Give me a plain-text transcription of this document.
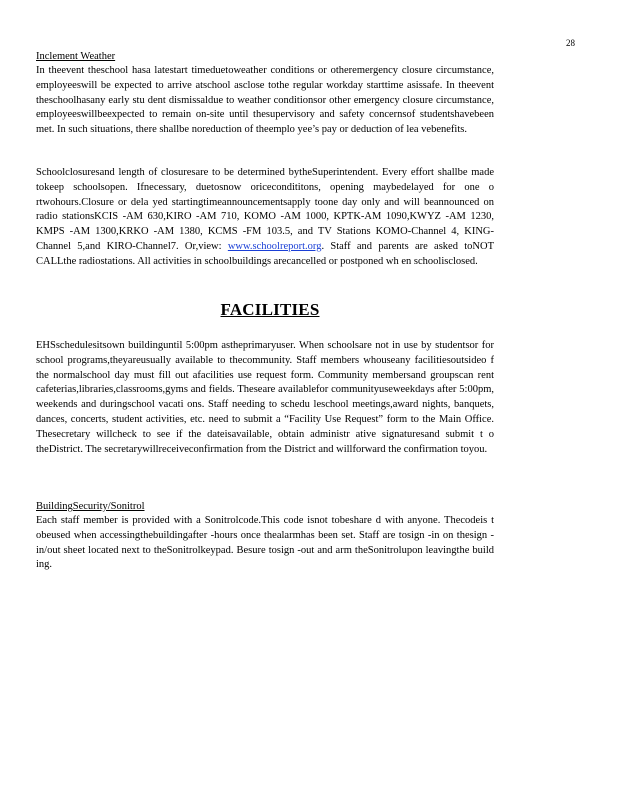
28
Inclement Weather
In theevent theschool hasa latestart timeduetoweather conditions or otheremergency closure circumstance, employeeswill be expected to arrive atschool asclose tothe regular workday starttime asissafe. In theevent theschoolhasany early stu dent dismissaldue to weather conditionsor other emergency closure circumstance, employeeswillbeexpected to remain on-site until thesupervisory and safety concernsof studentshavebeen met. In such situations, there shallbe noreduction of theemplo yee’s pay or deduction of lea vebenefits.
Schoolclosuresand length of closuresare to be determined bytheSuperintendent. Every effort shallbe made tokeep schoolsopen. Ifnecessary, duetosnow oricecondititons, opening maybedelayed for one o rtwohours.Closure or dela yed startingtimeannouncementsapply toone day only and will beannounced on radio stationsKCIS -AM 630,KIRO -AM 710, KOMO -AM 1000, KPTK-AM 1090,KWYZ -AM 1230, KMPS -AM 1300,KRKO -AM 1380, KCMS -FM 103.5, and TV Stations KOMO-Channel 4, KING-Channel 5,and KIRO-Channel7. Or,view: www.schoolreport.org. Staff and parents are asked toNOT CALLthe radiostations. All activities in schoolbuildings arecancelled or postponed wh en schoolisclosed.
FACILITIES
EHSschedulesitsown buildinguntil 5:00pm astheprimaryuser. When schoolsare not in use by studentsor for school programs,theyareusually available to thecommunity. Staff members whouseany facilitiesoutsideo f the normalschool day must fill out afacilities use request form. Community membersand groupscan rent cafeterias,libraries,classrooms,gyms and fields. Theseare availablefor communityuseweekdays after 5:00pm, weekends and duringschool vacati ons. Staff needing to schedu leschool meetings,award nights, banquets, dances, concerts, student activities, etc. need to submit a “Facility Use Request” form to the Main Office. Thesecretary willcheck to see if the dateisavailable, obtain administr ative signaturesand submit t o theDistrict. The secretarywillreceiveconfirmation from the District and willforward the confirmation toyou.
BuildingSecurity/Sonitrol
Each staff member is provided with a Sonitrolcode.This code isnot tobeshare d with anyone. Thecodeis t obeused when accessingthebuildingafter -hours once thealarmhas been set. Staff are tosign -in on thesign -in/out sheet located next to theSonitrolkeypad. Besure tosign -out and arm theSonitrolupon leavingthe build ing.
